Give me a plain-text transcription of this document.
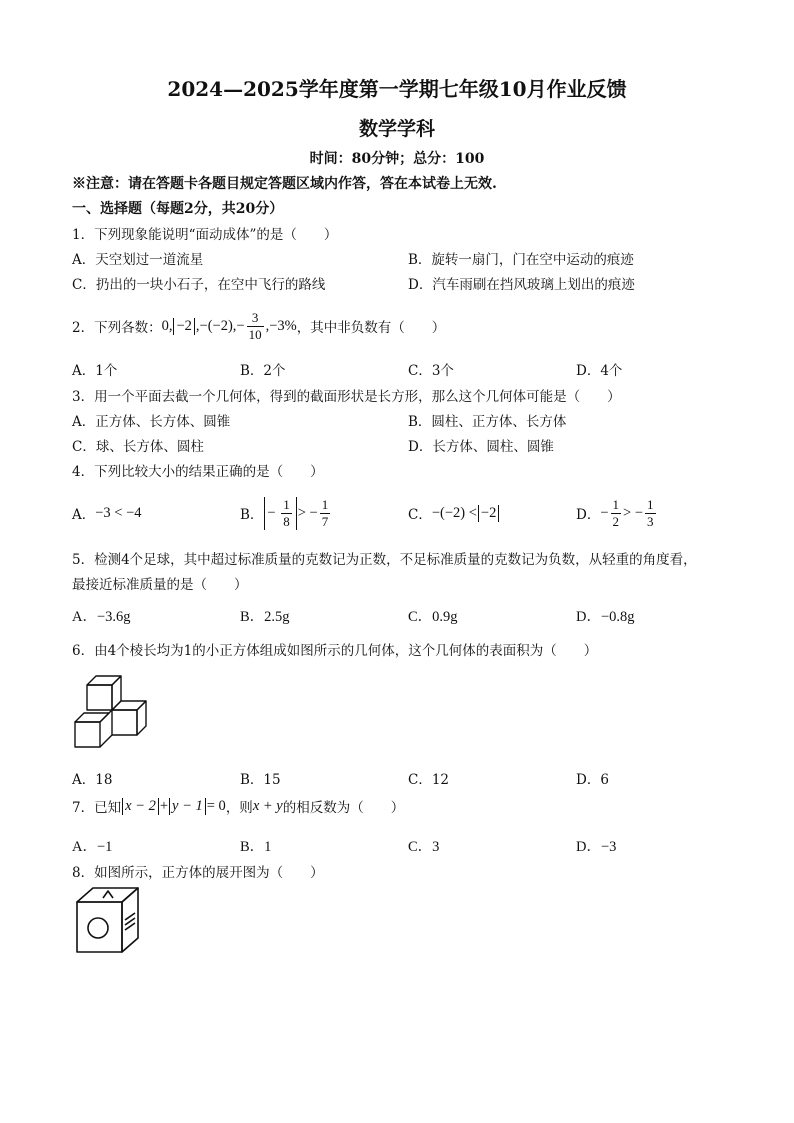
2024—2025学年度第一学期七年级10月作业反馈
数学学科
时间：80分钟；总分：100
※注意：请在答题卡各题目规定答题区域内作答，答在本试卷上无效.
一、选择题（每题2分，共20分）
1．下列现象能说明“面动成体”的是（　　）
A．天空划过一道流星	B．旋转一扇门，门在空中运动的痕迹
C．扔出的一块小石子，在空中飞行的路线	D．汽车雨刷在挡风玻璃上划出的痕迹
2．下列各数： 0, −2 $,-(-2),- \frac{3}{10} ,-3\%$ ，其中非负数有（　　）
A．1个	B．2个	C．3个	D．4个
3．用一个平面去截一个几何体，得到的截面形状是长方形，那么这个几何体可能是（　　）
A．正方体、长方体、圆锥	B．圆柱、正方体、长方体
C．球、长方体、圆柱	D．长方体、圆柱、圆锥
4．下列比较大小的结果正确的是（　　）
A． −3 < −4	B． − $\frac{1}{8}$ > − $\frac{1}{7}$	C． −(−2) < −2	D． − $\frac{1}{2}$ > − $\frac{1}{3}$
5．检测4个足球，其中超过标准质量的克数记为正数，不足标准质量的克数记为负数，从轻重的角度看，
最接近标准质量的是（　　）
A．−3.6g	B．2.5g	C．0.9g	D．−0.8g
6．由4个棱长均为1的小正方体组成如图所示的几何体，这个几何体的表面积为（　　）
A．18	B．15	C．12	D．6
7．已知 x − 2 + y − 1 = 0 ，则 x + y 的相反数为（　　）
A．−1	B．1	C．3	D．−3
8．如图所示，正方体的展开图为（　　）
